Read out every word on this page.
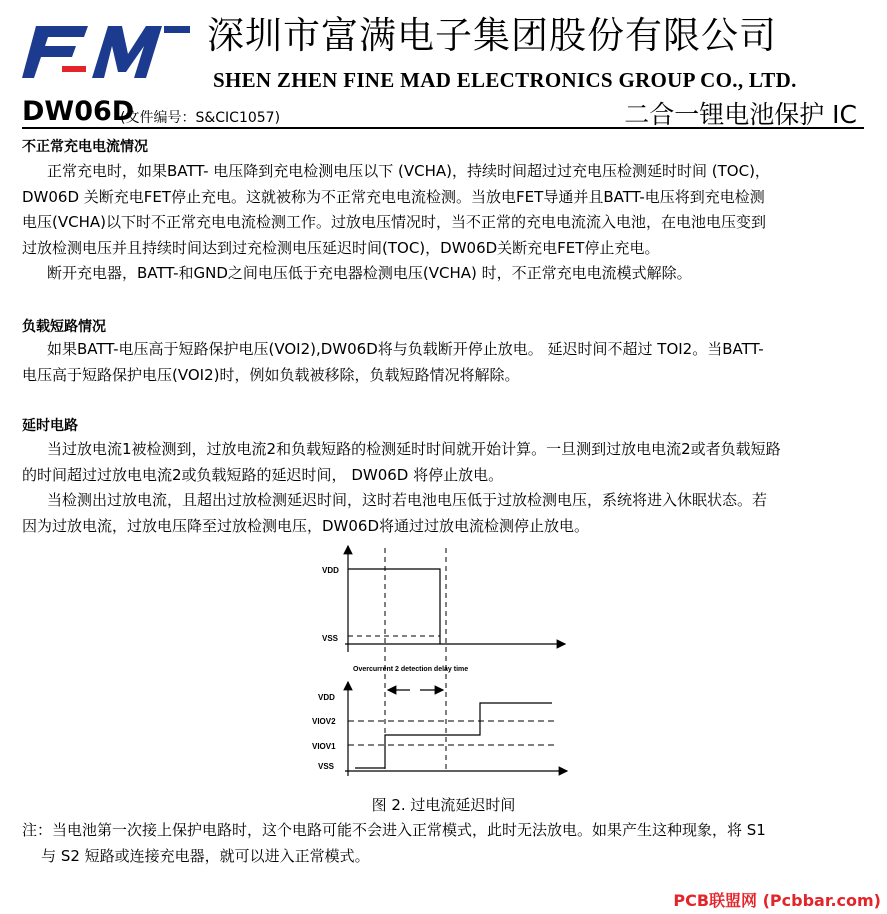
深圳市富满电子集团股份有限公司
SHEN ZHEN FINE MAD ELECTRONICS GROUP CO., LTD.
DW06D
(文件编号：S&CIC1057)	二合一锂电池保护 IC
不正常充电电流情况
正常充电时，如果BATT- 电压降到充电检测电压以下 (VCHA)，持续时间超过过充电压检测延时时间 (TOC)，
DW06D 关断充电FET停止充电。这就被称为不正常充电电流检测。当放电FET导通并且BATT-电压将到充电检测
电压(VCHA)以下时不正常充电电流检测工作。过放电压情况时，当不正常的充电电流流入电池，在电池电压变到
过放检测电压并且持续时间达到过充检测电压延迟时间(TOC)，DW06D关断充电FET停止充电。
断开充电器，BATT-和GND之间电压低于充电器检测电压(VCHA) 时，不正常充电电流模式解除。
负载短路情况
如果BATT-电压高于短路保护电压(VOI2),DW06D将与负载断开停止放电。 延迟时间不超过 TOI2。当BATT-
电压高于短路保护电压(VOI2)时，例如负载被移除，负载短路情况将解除。
延时电路
当过放电流1被检测到，过放电流2和负载短路的检测延时时间就开始计算。一旦测到过放电电流2或者负载短路
的时间超过过放电电流2或负载短路的延迟时间， DW06D 将停止放电。
当检测出过放电流，且超出过放检测延迟时间，这时若电池电压低于过放检测电压，系统将进入休眠状态。若
因为过放电流，过放电压降至过放检测电压，DW06D将通过过放电流检测停止放电。
VDD
VSS
Overcurrent 2 detection delay time
VDD
VIOV2
VIOV1
VSS
图 2. 过电流延迟时间
注：当电池第一次接上保护电路时，这个电路可能不会进入正常模式，此时无法放电。如果产生这种现象，将 S1
与 S2 短路或连接充电器，就可以进入正常模式。
PCB联盟网 (Pcbbar.com)
